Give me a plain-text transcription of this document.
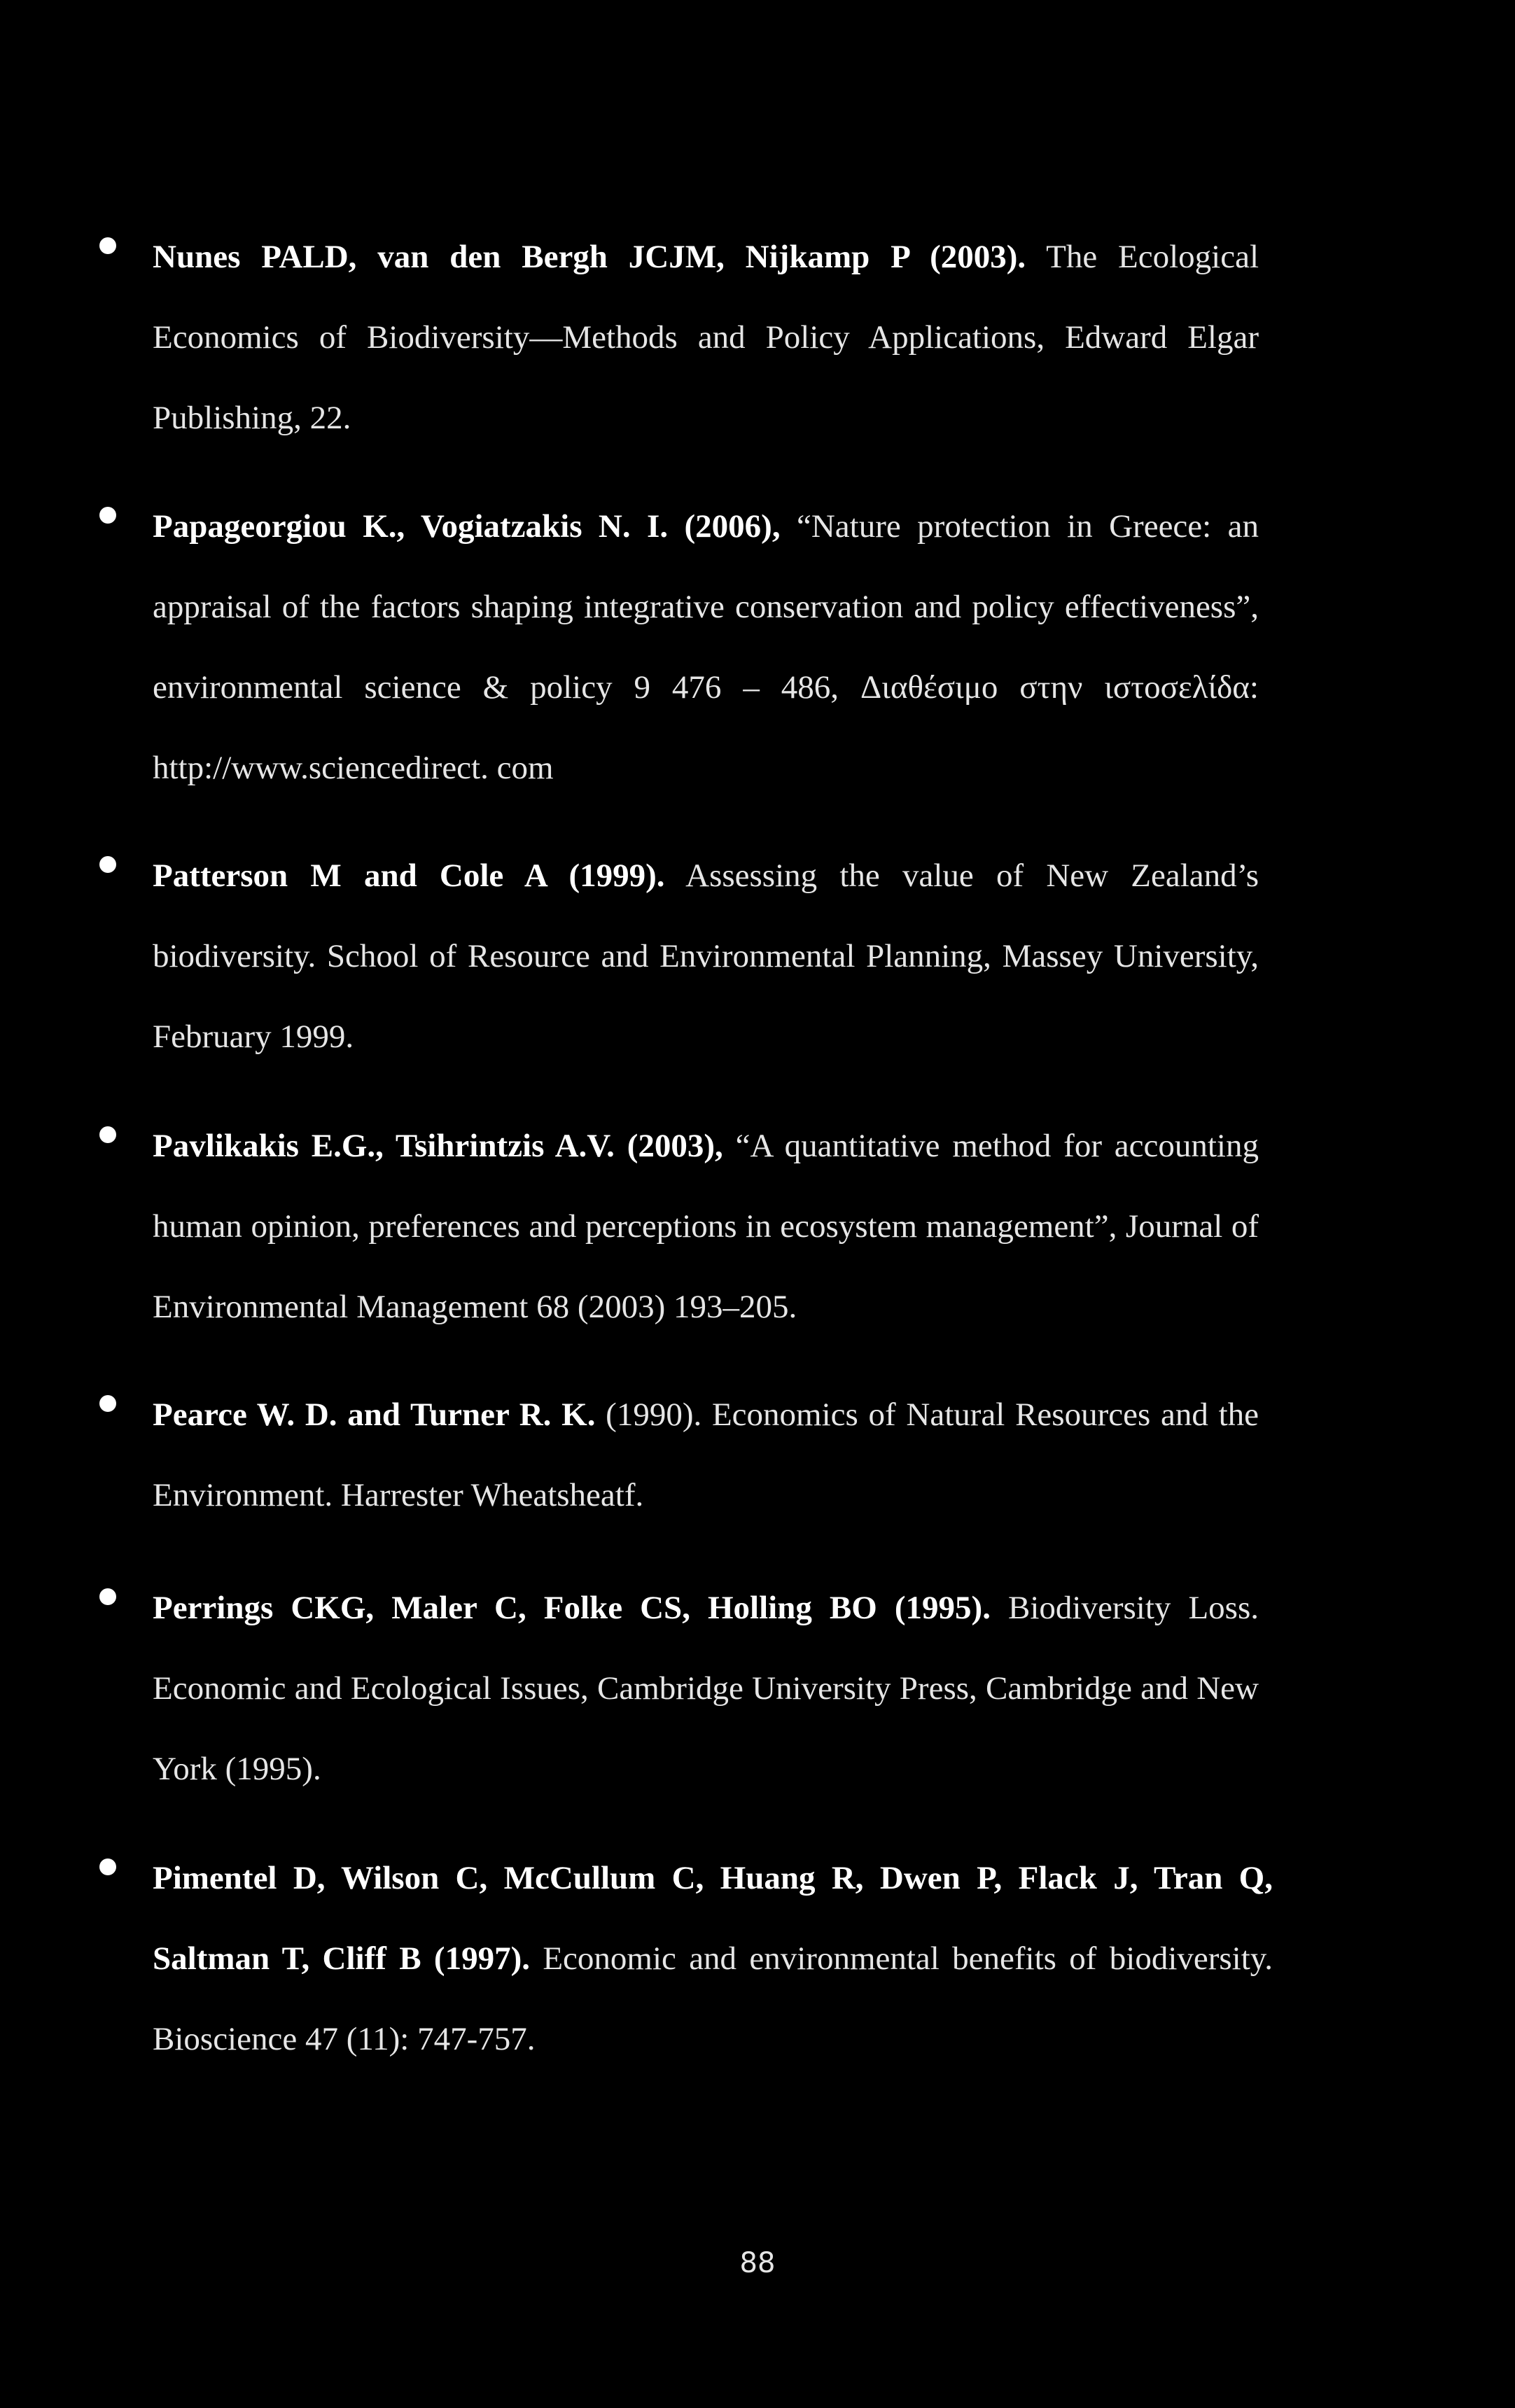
Nunes PALD, van den Bergh JCJM, Nijkamp P (2003). The Ecological Economics of Biodiversity—Methods and Policy Applications, Edward Elgar Publishing, 22.

Papageorgiou K., Vogiatzakis N. I. (2006), “Nature protection in Greece: an appraisal of the factors shaping integrative conservation and policy effectiveness”, environmental science & policy 9 476 – 486, Διαθέσιμο στην ιστοσελίδα: http://www.sciencedirect. com

Patterson M and Cole A (1999). Assessing the value of New Zealand’s biodiversity. School of Resource and Environmental Planning, Massey University, February 1999.

Pavlikakis E.G., Tsihrintzis A.V. (2003), “A quantitative method for accounting human opinion, preferences and perceptions in ecosystem management”, Journal of Environmental Management 68 (2003) 193–205.

Pearce W. D. and Turner R. K. (1990). Economics of Natural Resources and the Environment. Harrester Wheatsheatf.

Perrings CKG, Maler C, Folke CS, Holling BO (1995). Biodiversity Loss. Economic and Ecological Issues, Cambridge University Press, Cambridge and New York (1995).

Pimentel D, Wilson C, McCullum C, Huang R, Dwen P, Flack J, Tran Q, Saltman T, Cliff B (1997). Economic and environmental benefits of biodiversity. Bioscience 47 (11): 747-757.

88
